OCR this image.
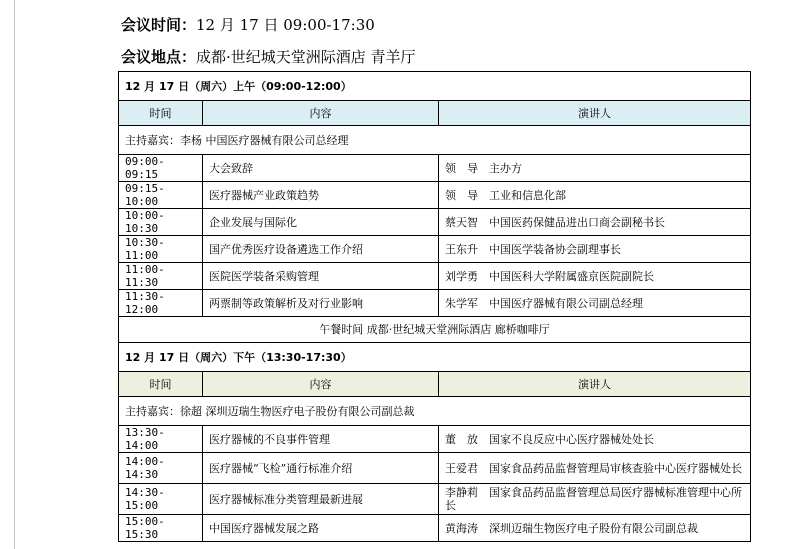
会议时间：12 月 17 日 09:00-17:30
会议地点：成都·世纪城天堂洲际酒店 青羊厅
12 月 17 日（周六）上午（09:00-12:00）		
时间	内容	演讲人
主持嘉宾：李杨 中国医疗器械有限公司总经理		
09:00-09:15	大会致辞	领　导　主办方
09:15-10:00	医疗器械产业政策趋势	领　导　工业和信息化部
10:00-10:30	企业发展与国际化	蔡天智　中国医药保健品进出口商会副秘书长
10:30-11:00	国产优秀医疗设备遴选工作介绍	王东升　中国医学装备协会副理事长
11:00-11:30	医院医学装备采购管理	刘学勇　中国医科大学附属盛京医院副院长
11:30-12:00	两票制等政策解析及对行业影响	朱学军　中国医疗器械有限公司副总经理
午餐时间 成都·世纪城天堂洲际酒店 廊桥咖啡厅		
12 月 17 日（周六）下午（13:30-17:30）		
时间	内容	演讲人
主持嘉宾：徐超 深圳迈瑞生物医疗电子股份有限公司副总裁		
13:30-14:00	医疗器械的不良事件管理	董　放　国家不良反应中心医疗器械处处长
14:00-14:30	医疗器械“飞检”通行标准介绍	王爱君　国家食品药品监督管理局审核查验中心医疗器械处长
14:30-15:00	医疗器械标准分类管理最新进展	李静莉　国家食品药品监督管理总局医疗器械标准管理中心所长
15:00-15:30	中国医疗器械发展之路	黄海涛　深圳迈瑞生物医疗电子股份有限公司副总裁
